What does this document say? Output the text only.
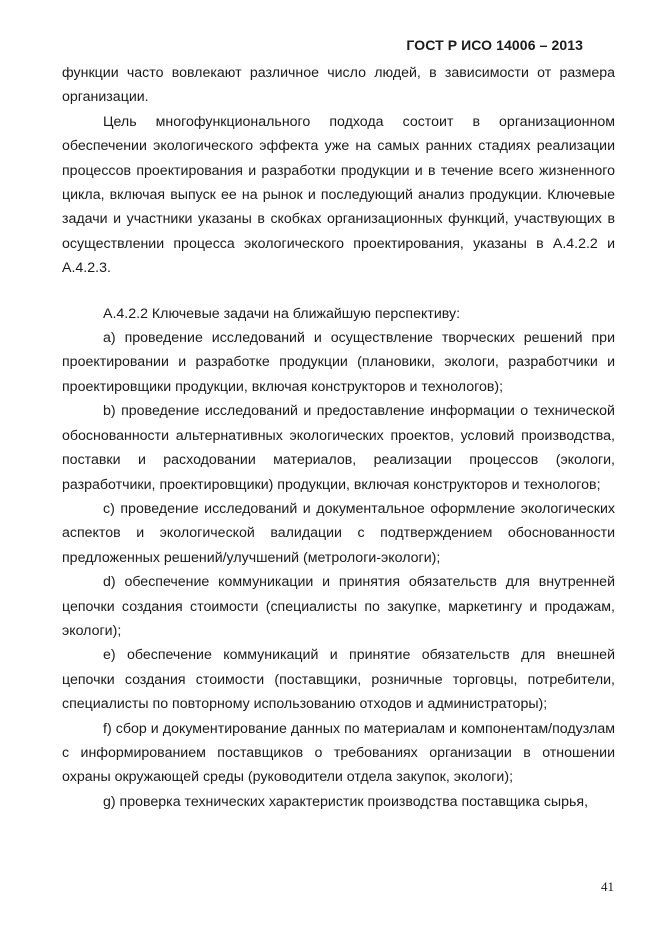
ГОСТ Р ИСО 14006 – 2013

функции часто вовлекают различное число людей, в зависимости от размера организации.

Цель многофункционального подхода состоит в организационном обеспечении экологического эффекта уже на самых ранних стадиях реализации процессов проектирования и разработки продукции и в течение всего жизненного цикла, включая выпуск ее на рынок и последующий анализ продукции. Ключевые задачи и участники указаны в скобках организационных функций, участвующих в осуществлении процесса экологического проектирования, указаны в А.4.2.2 и А.4.2.3.

А.4.2.2 Ключевые задачи на ближайшую перспективу:

a) проведение исследований и осуществление творческих решений при проектировании и разработке продукции (плановики, экологи, разработчики и проектировщики продукции, включая конструкторов и технологов);

b) проведение исследований и предоставление информации о технической обоснованности альтернативных экологических проектов, условий производства, поставки и расходовании материалов, реализации процессов (экологи, разработчики, проектировщики) продукции, включая конструкторов и технологов;

c) проведение исследований и документальное оформление экологических аспектов и экологической валидации с подтверждением обоснованности предложенных решений/улучшений (метрологи-экологи);

d) обеспечение коммуникации и принятия обязательств для внутренней цепочки создания стоимости (специалисты по закупке, маркетингу и продажам, экологи);

e) обеспечение коммуникаций и принятие обязательств для внешней цепочки создания стоимости (поставщики, розничные торговцы, потребители, специалисты по повторному использованию отходов и администраторы);

f) сбор и документирование данных по материалам и компонентам/подузлам с информированием поставщиков о требованиях организации в отношении охраны окружающей среды (руководители отдела закупок, экологи);

g) проверка технических характеристик производства поставщика сырья,

41
